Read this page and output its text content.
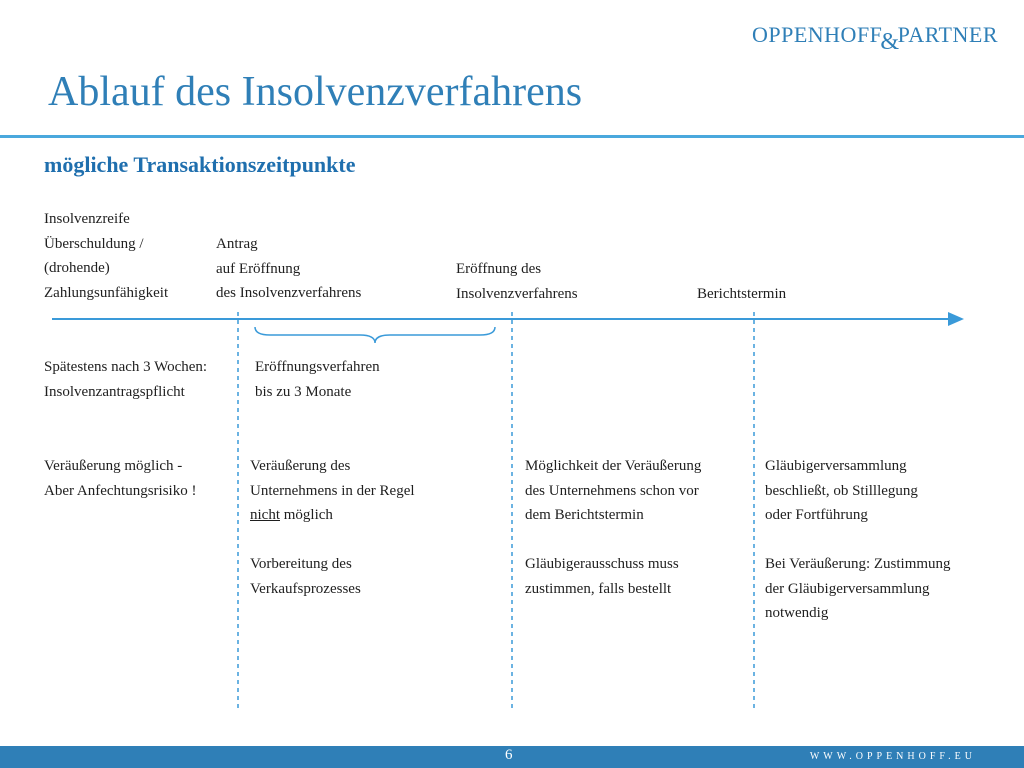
OPPENHOFF&PARTNER
Ablauf des Insolvenzverfahrens
mögliche Transaktionszeitpunkte
Insolvenzreife
Überschuldung /
(drohende)
Zahlungsunfähigkeit
Antrag
auf Eröffnung
des Insolvenzverfahrens
Eröffnung des
Insolvenzverfahrens	Berichtstermin
Spätestens nach 3 Wochen:
Insolvenzantragspflicht
Eröffnungsverfahren
bis zu 3 Monate
Veräußerung möglich -
Aber Anfechtungsrisiko !
Veräußerung des
Unternehmens in der Regel
nicht möglich

Vorbereitung des
Verkaufsprozesses
Möglichkeit der Veräußerung
des Unternehmens schon vor
dem Berichtstermin

Gläubigerausschuss muss
zustimmen, falls bestellt
Gläubigerversammlung
beschließt, ob Stilllegung
oder Fortführung

Bei Veräußerung: Zustimmung
der Gläubigerversammlung
notwendig
6	WWW.OPPENHOFF.EU
